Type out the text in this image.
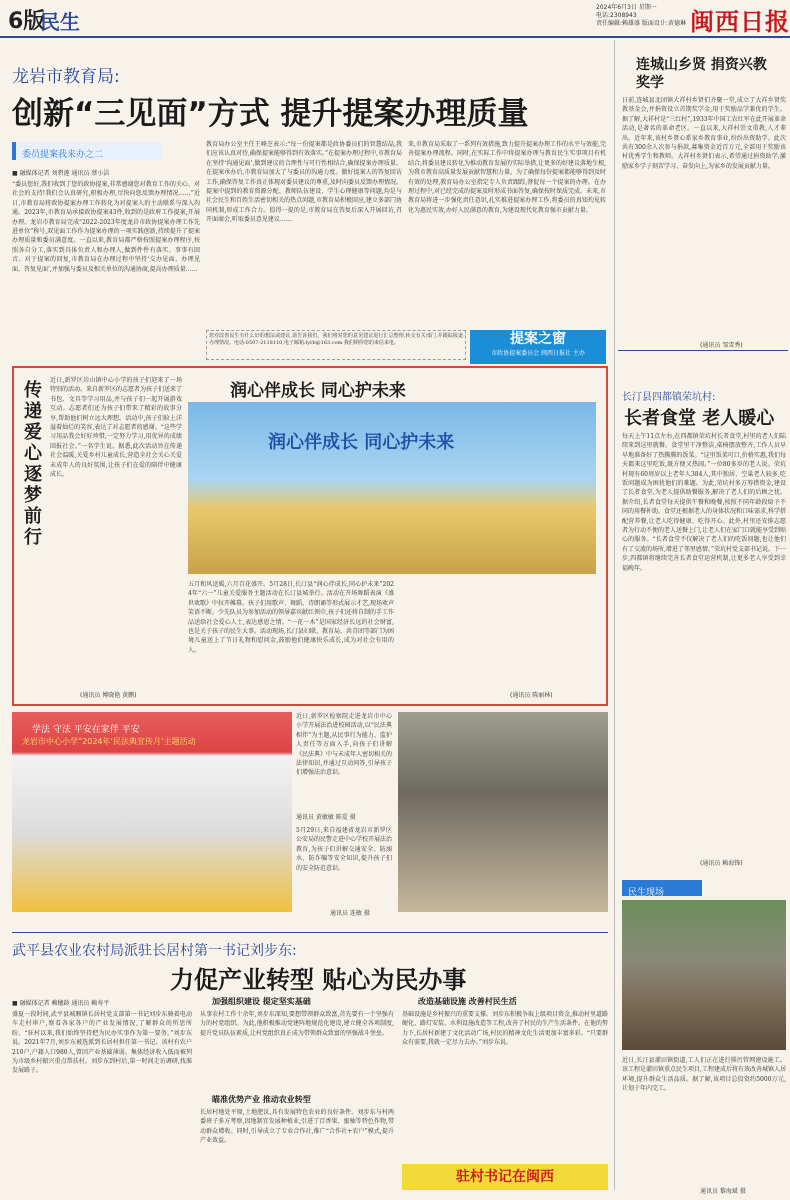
6版
民生
2024年6月3日 星期一
电话:2308943
责任编辑:赖雄盛 版面设计:黄德琳 闽西日报
龙岩市教育局:
创新“三见面”方式 提升提案办理质量
委员提案我来办之二
■ 融媒体记者 刘碧莲 通讯员 蔡小洁
“委员您好,我们收到了您的政协提案,非常感谢您对教育工作的关心、对社会的支持!我们会认真研究,积极办理,尽快向您反馈办理情况……”近日,市教育局将政协提案办理工作转化为对提案人的主动联系与深入沟通。2023年,市教育局承接政协提案43件,收到的是政府工作提案,开展办理。龙岩市教育局完成“2022-2023年度龙岩市政协提案办理工作先进单位”称号,双见面工作作为提案办理的一项实践创新,持续提升了提案办理质量和委员满意度。一直以来,教育局都严格按照提案办理程序,按照各自分工,落实到具体负责人和办理人,做到件件有落实、事事有回音。对于提案的回复,市教育局在办理过程中坚持‘交办见面、办理见面、答复见面’,并加强与委员及相关单位的沟通协商,提高办理质量……
教育局办公室主任王峰芝表示:“每一份提案都是政协委员们的智慧结晶,我们应该认真对待,确保提案能够得到有效落实。”在提案办理过程中,市教育局在坚持‘沟通见面’,做到建议的合理性与可行性相结合,确保提案办理质量。在提案承办后,市教育局加大了与委员的沟通力度。做好提案人的答复回访工作,确保答复工作真正体现对委员建议的尊重,及时向委员反馈办理情况。提案中提到的教育资源分配、教师队伍建设、学生心理健康等问题,均是与社会民生和百姓生活密切相关的热点问题,市教育局积极回应,建立多部门协同机制,形成工作合力。值得一提的是,市教育局在答复后深入开展回访,召开面商会,听取委员意见建议……
来,市教育局采取了一系列有效措施,致力提升提案办理工作的水平与效能,完善提案办理流程。同时,在实际工作中将提案办理与教育民生实事项目有机结合,将委员建议转化为推动教育发展的实际举措,让更多的好建议落地生根,为我市教育高质量发展贡献智慧和力量。为了确保每份提案都能够得到及时有效的处理,教育局办公室指定专人负责跟踪,督促每一个提案的办理。在办理过程中,对已经完成的提案及时形成书面答复,确保按时保质完成。未来,市教育局将进一步强化责任意识,扎实推进提案办理工作,将委员的真知灼见转化为惠民实效,办好人民满意的教育,为建设现代化教育强市贡献力量。
您对改善民生有什么好的想法或建议,请告诉我们。我们将对您的意见建议进行汇总整理,转交有关部门,并跟踪报道办理情况。电话:0597-2118110,电子邮箱:lyrb@163.com 我们期待您的来信来电。	提案之窗
市政协提案委员会 闽西日报社 主办
传递爱心 逐梦前行
近日,新罗区岩山镇中心小学的孩子们迎来了一场特别的活动。来自新罗区的志愿者为孩子们送来了书包、文具等学习用品,并与孩子们一起开展游戏互动。志愿者们还为孩子们带来了精彩的故事分享,帮助他们树立远大理想。活动中,孩子们脸上洋溢着灿烂的笑容,表达了对志愿者的感谢。“这些学习用品我会好好珍惜,一定努力学习,用优异的成绩回报社会。”一名学生说。据悉,此次活动旨在传递社会温暖,关爱乡村儿童成长,营造全社会关心关爱未成年人的良好氛围,让孩子们在爱的陪伴中健康成长。
(通讯员 傅晓艳 黄鹏)
润心伴成长 同心护未来
润心伴成长 同心护未来
五月和风送暖,六月百花盛开。5月28日,长汀县“润心伴成长,同心护未来”2024年“六一”儿童关爱服务主题活动在长汀县城举行。活动在开场舞蹈表演《盛世欢歌》中拉开帷幕。孩子们用歌声、舞蹈、诗朗诵等形式展示才艺,现场欢声笑语不断。少先队员为参加活动的领导嘉宾献红领巾,孩子们还将自制的手工作品送给社会爱心人士,表达感恩之情。“一花一木”是国家经济长远的社会财富,也是关于孩子的民生大事。活动现场,长汀县妇联、教育局、共青团等部门为困境儿童送上了节日礼物和慰问金,鼓励他们健康快乐成长,成为对社会有用的人。
(通讯员 陈丽林)
学法 守法 平安在家伴 平安
龙岩市中心小学“2024年‘民法典宣传月’主题活动
近日,新罗区检察院走进龙岩市中心小学开展法治进校园活动,以“民法典相伴”为主题,从民事行为能力、监护人责任等方面入手,向孩子们讲解《民法典》中与未成年人密切相关的法律知识,并通过互动问答,引导孩子们增强法治意识。
通讯员 黄敏敏 陈爱 摄
5月29日,来自福建省龙岩市新罗区公安局的民警走进中心学校开展法治教育,为孩子们讲解交通安全、防溺水、防诈骗等安全知识,提升孩子们的安全防范意识。
通讯员 连敏 摄
连城山乡贤 捐资兴教奖学
日前,连城县北团镇大祥村乡贤们齐聚一堂,成立了大祥乡贤奖教基金会,并捐资设立首期奖学金,用于奖励品学兼优的学生。据了解,大祥村是“三红村”,1933年中国工农红军在此开展革命活动,是著名的革命老区。一直以来,大祥村崇文重教,人才辈出。近年来,该村乡贤心系家乡教育事业,纷纷出资助学。此次共有300余人次参与捐款,募集资金近百万元,全部用于奖励该村优秀学生和教师。大祥村乡贤们表示,希望通过捐资助学,激励家乡学子刻苦学习、奋发向上,为家乡的发展贡献力量。
(通讯员 邹雪秀)
长汀县四都镇荣坑村:
长者食堂 老人暖心
每天上午11点左右,在四都镇荣坑村长者食堂,村里的老人们陆续来到这里就餐。食堂里干净整洁,桌椅摆放整齐,工作人员早早地准备好了热腾腾的饭菜。“这里饭菜可口,价格实惠,我们每天都来这里吃饭,既方便又热闹。”一位80多岁的老人说。荣坑村现有60周岁以上老年人384人,其中独居、空巢老人较多,吃饭问题成为困扰他们的难题。为此,荣坑村多方筹措资金,建设了长者食堂,为老人提供助餐服务,解决了老人们的后顾之忧。据介绍,长者食堂每天提供午餐和晚餐,按照不同年龄段给予不同的用餐补助。食堂还根据老人的身体状况和口味需求,科学搭配营养餐,让老人吃得健康、吃得开心。此外,村里还安排志愿者为行动不便的老人送餐上门,让老人们在家门口就能享受到贴心的服务。“长者食堂不仅解决了老人们的吃饭问题,也让他们有了交流的场所,增进了邻里感情。”荣坑村党支部书记说。下一步,四都镇将继续完善长者食堂运营机制,让更多老人享受到幸福晚年。
(通讯员 赖海锋)
民生现场
近日,长汀县濯田镇街道,工人们正在进行排污管网建设施工。该工程是濯田镇重点民生项目,工程建成后将有效改善城镇人居环境,提升群众生活品质。据了解,该项目总投资约5000万元,计划于年内完工。
通讯员 黎海斌 摄
武平县农业农村局派驻长居村第一书记刘步东:
力促产业转型 贴心为民办事
■ 融媒体记者 赖穗龄 通讯员 赖寿平
盛夏一段时间,武平县城厢镇长居村党支部第一书记刘步东骑着电动车走村串户,察看各家各户的产业发展情况,了解群众的所思所盼。“驻村以来,我们始终坚持把为民办实事作为第一要务。”刘步东说。2021年7月,刘步东被选派到长居村担任第一书记。该村有农户210户,户籍人口980人,曾因产业基础薄弱、集体经济收入低而被列为市级乡村振兴重点帮扶村。刘步东到村后,第一时间走访调研,找准发展路子。
加强组织建设 提定坚实基础
从事农村工作十余年,刘步东深知,要想带领群众致富,首先要有一个坚强有力的村党组织。为此,他积极推动党建阵地规范化建设,建立健全各项制度,提升党员队伍素质,让村党组织真正成为带领群众致富的坚强战斗堡垒。
瞄准优势产业 推动农业转型
长居村地处平原,土地肥沃,具有发展特色农业的良好条件。刘步东与村两委班子多方考察,因地制宜发展种植业,引进了百香果、蜜柚等特色作物,带动群众增收。同时,引导成立了专业合作社,推广“合作社+农户”模式,提升产业效益。
改造基础设施 改善村民生活
基础设施是乡村振兴的重要支撑。刘步东积极争取上级项目资金,推动村里道路硬化、路灯安装、水利设施改造等工程,改善了村民的生产生活条件。在他的努力下,长居村新建了文化活动广场,村民的精神文化生活更加丰富多彩。“只要群众有需要,我就一定尽力去办。”刘步东说。
驻村书记在闽西
